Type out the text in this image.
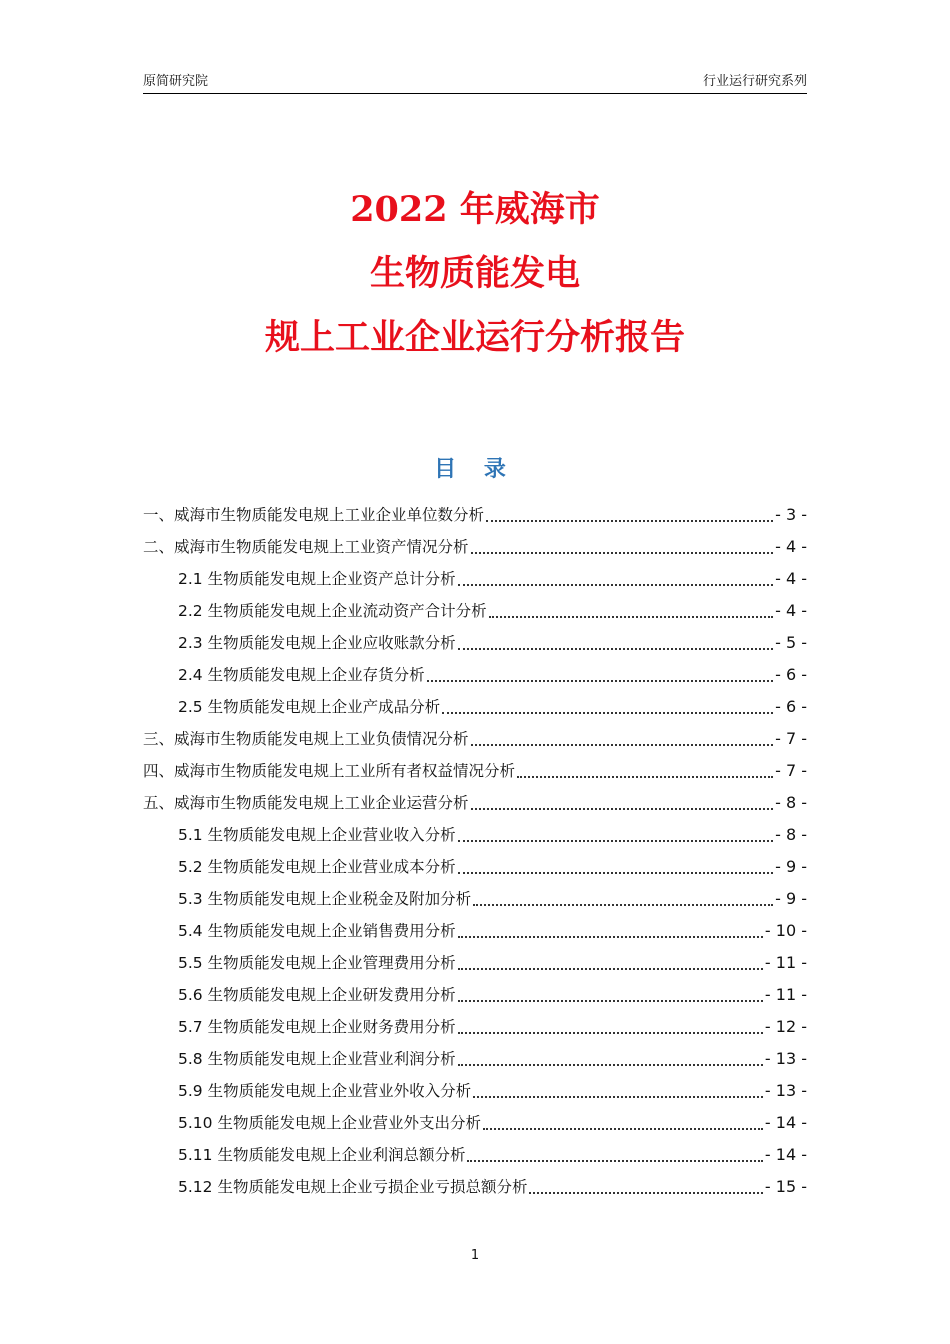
原简研究院	行业运行研究系列
2022 年威海市
生物质能发电
规上工业企业运行分析报告
目 录
一、威海市生物质能发电规上工业企业单位数分析	- 3 -
二、威海市生物质能发电规上工业资产情况分析	- 4 -
2.1 生物质能发电规上企业资产总计分析	- 4 -
2.2 生物质能发电规上企业流动资产合计分析	- 4 -
2.3 生物质能发电规上企业应收账款分析	- 5 -
2.4 生物质能发电规上企业存货分析	- 6 -
2.5 生物质能发电规上企业产成品分析	- 6 -
三、威海市生物质能发电规上工业负债情况分析	- 7 -
四、威海市生物质能发电规上工业所有者权益情况分析	- 7 -
五、威海市生物质能发电规上工业企业运营分析	- 8 -
5.1 生物质能发电规上企业营业收入分析	- 8 -
5.2 生物质能发电规上企业营业成本分析	- 9 -
5.3 生物质能发电规上企业税金及附加分析	- 9 -
5.4 生物质能发电规上企业销售费用分析	- 10 -
5.5 生物质能发电规上企业管理费用分析	- 11 -
5.6 生物质能发电规上企业研发费用分析	- 11 -
5.7 生物质能发电规上企业财务费用分析	- 12 -
5.8 生物质能发电规上企业营业利润分析	- 13 -
5.9 生物质能发电规上企业营业外收入分析	- 13 -
5.10 生物质能发电规上企业营业外支出分析	- 14 -
5.11 生物质能发电规上企业利润总额分析	- 14 -
5.12 生物质能发电规上企业亏损企业亏损总额分析	- 15 -
1
